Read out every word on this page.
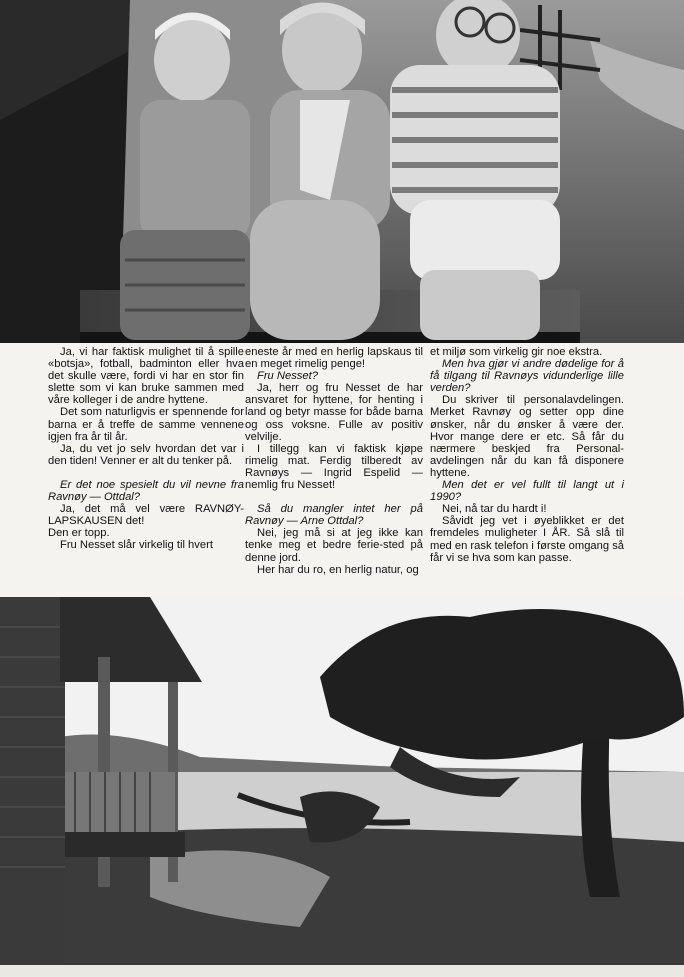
Ja, vi har faktisk mulighet til å spille «botsja», fotball, badminton eller hva det skulle være, fordi vi har en stor fin slette som vi kan bruke sammen med våre kolleger i de andre hyttene.

Det som naturligvis er spennende for barna er å treffe de samme vennene igjen fra år til år.

Ja, du vet jo selv hvordan det var i den tiden! Venner er alt du tenker på.

Er det noe spesielt du vil nevne fra Ravnøy — Ottdal?

Ja, det må vel være RAVNØY-LAPSKAUSEN det!

Den er topp.

Fru Nesset slår virkelig til hvert

eneste år med en herlig lapskaus til en meget rimelig penge!

Fru Nesset?

Ja, herr og fru Nesset de har ansvaret for hyttene, for henting i land og betyr masse for både barna og oss voksne. Fulle av positiv velvilje.

I tillegg kan vi faktisk kjøpe rimelig mat. Ferdig tilberedt av Ravnøys — Ingrid Espelid — nemlig fru Nesset!

Så du mangler intet her på Ravnøy — Arne Ottdal?

Nei, jeg må si at jeg ikke kan tenke meg et bedre ferie-sted på denne jord.

Her har du ro, en herlig natur, og

et miljø som virkelig gir noe ekstra.

Men hva gjør vi andre dødelige for å få tilgang til Ravnøys vidunderlige lille verden?

Du skriver til personalavdelingen. Merket Ravnøy og setter opp dine ønsker, når du ønsker å være der. Hvor mange dere er etc. Så får du nærmere beskjed fra Personal-avdelingen når du kan få disponere hyttene.

Men det er vel fullt til langt ut i 1990?

Nei, nå tar du hardt i!

Såvidt jeg vet i øyeblikket er det fremdeles muligheter I ÅR. Så slå til med en rask telefon i første omgang så får vi se hva som kan passe.
